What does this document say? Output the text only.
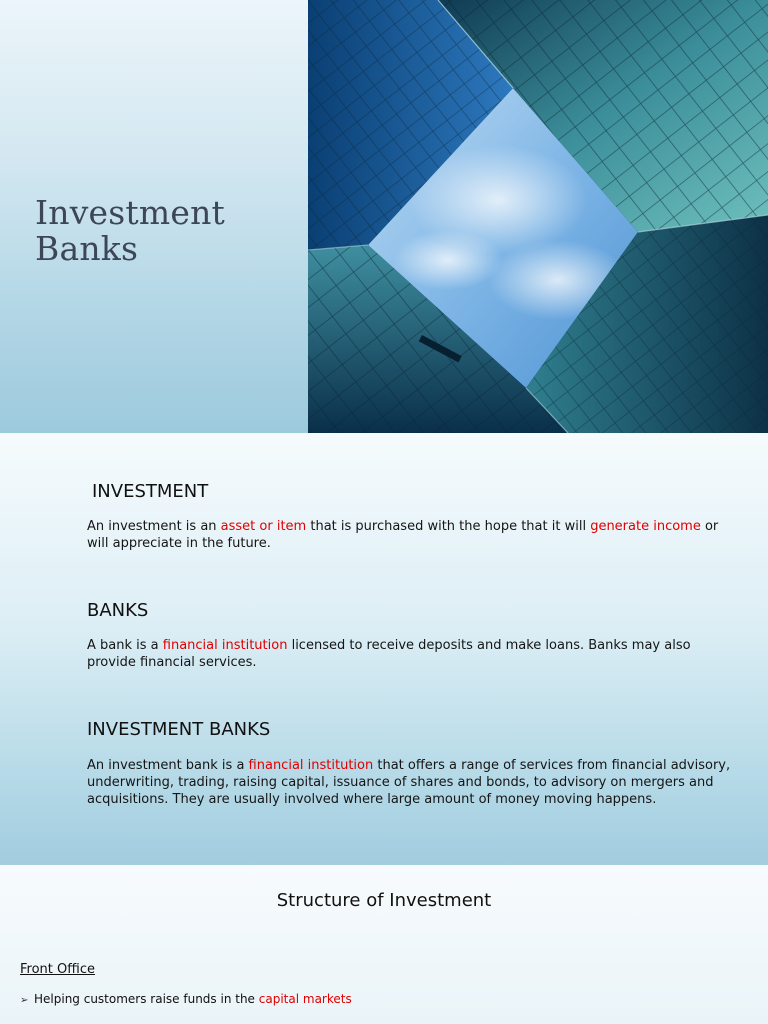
Investment
Banks
INVESTMENT
An investment is an asset or item that is purchased with the hope that it will generate income or will appreciate in the future.
BANKS
A bank is a financial institution licensed to receive deposits and make loans. Banks may also provide financial services.
INVESTMENT BANKS
An investment bank is a financial institution that offers a range of services from financial advisory, underwriting, trading, raising capital, issuance of shares and bonds, to advisory on mergers and acquisitions. They are usually involved where large amount of money moving happens.
Structure of Investment
Front Office
➢ Helping customers raise funds in the capital markets
